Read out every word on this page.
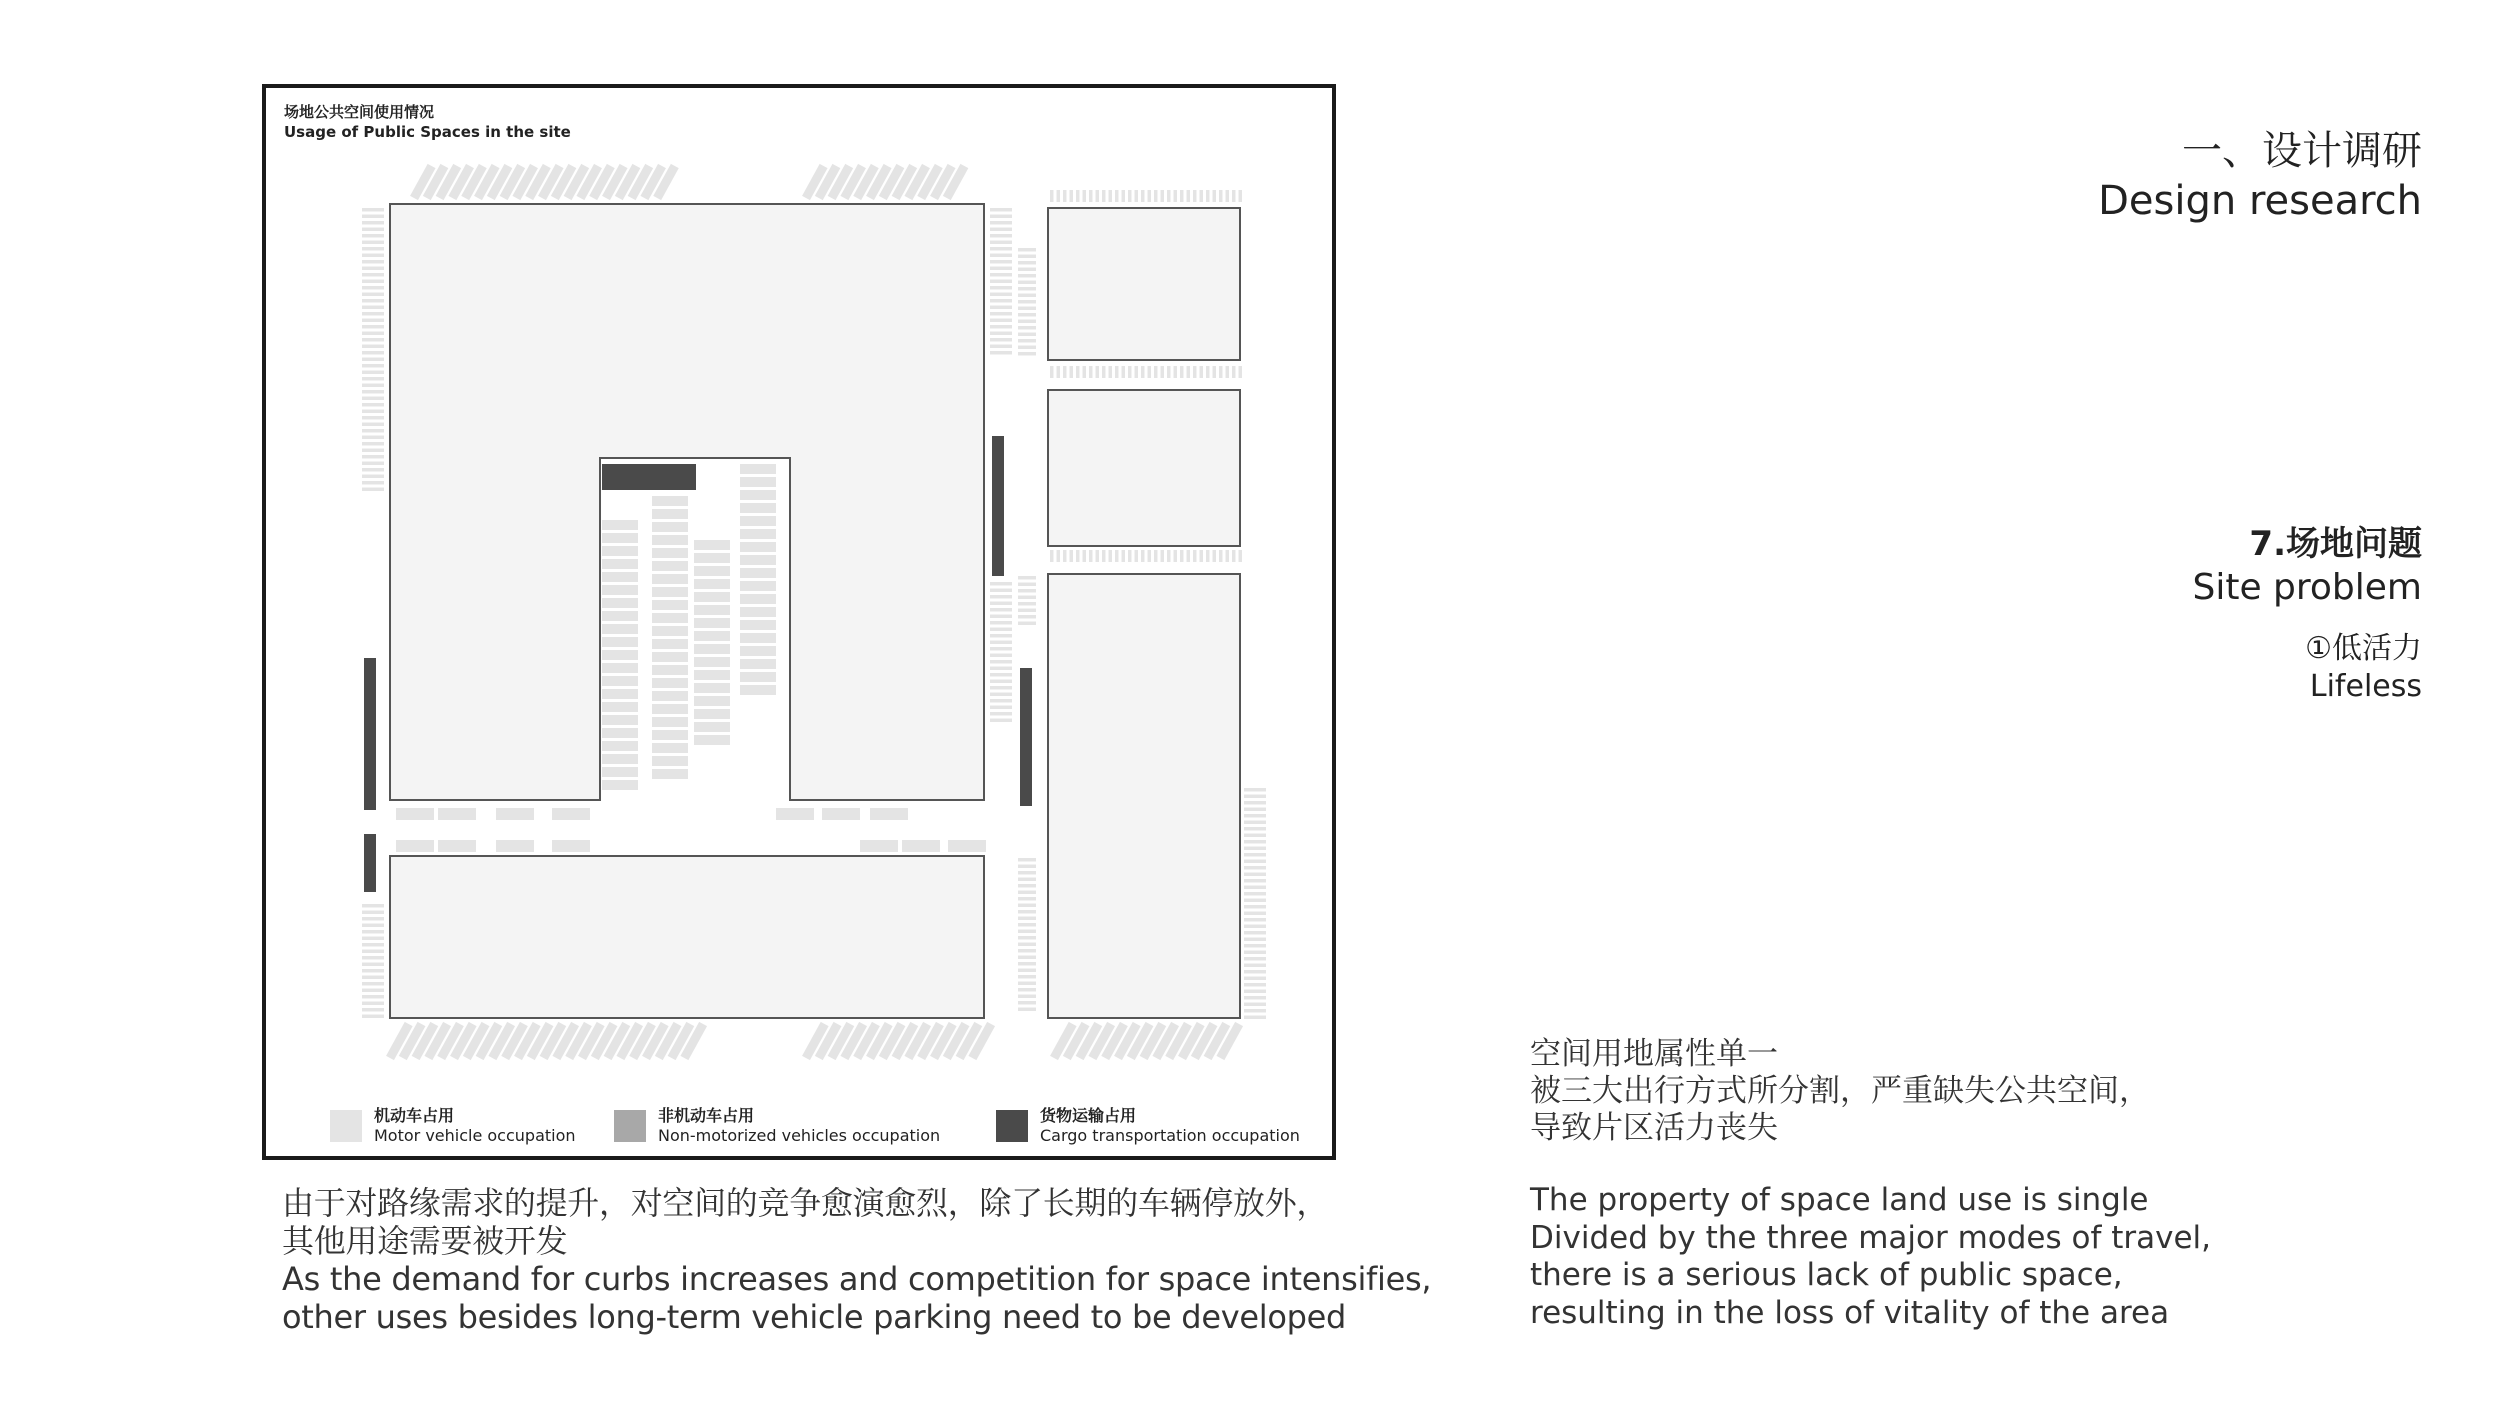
场地公共空间使用情况
Usage of Public Spaces in the site
机动车占用
Motor vehicle occupation
非机动车占用
Non-motorized vehicles occupation
货物运输占用
Cargo transportation occupation
由于对路缘需求的提升，对空间的竞争愈演愈烈，除了长期的车辆停放外，
其他用途需要被开发
As the demand for curbs increases and competition for space intensifies,
other uses besides long-term vehicle parking need to be developed
一、设计调研
Design research
7.场地问题
Site problem
①低活力
Lifeless
空间用地属性单一
被三大出行方式所分割，严重缺失公共空间，
导致片区活力丧失
The property of space land use is single
Divided by the three major modes of travel,
there is a serious lack of public space,
resulting in the loss of vitality of the area
